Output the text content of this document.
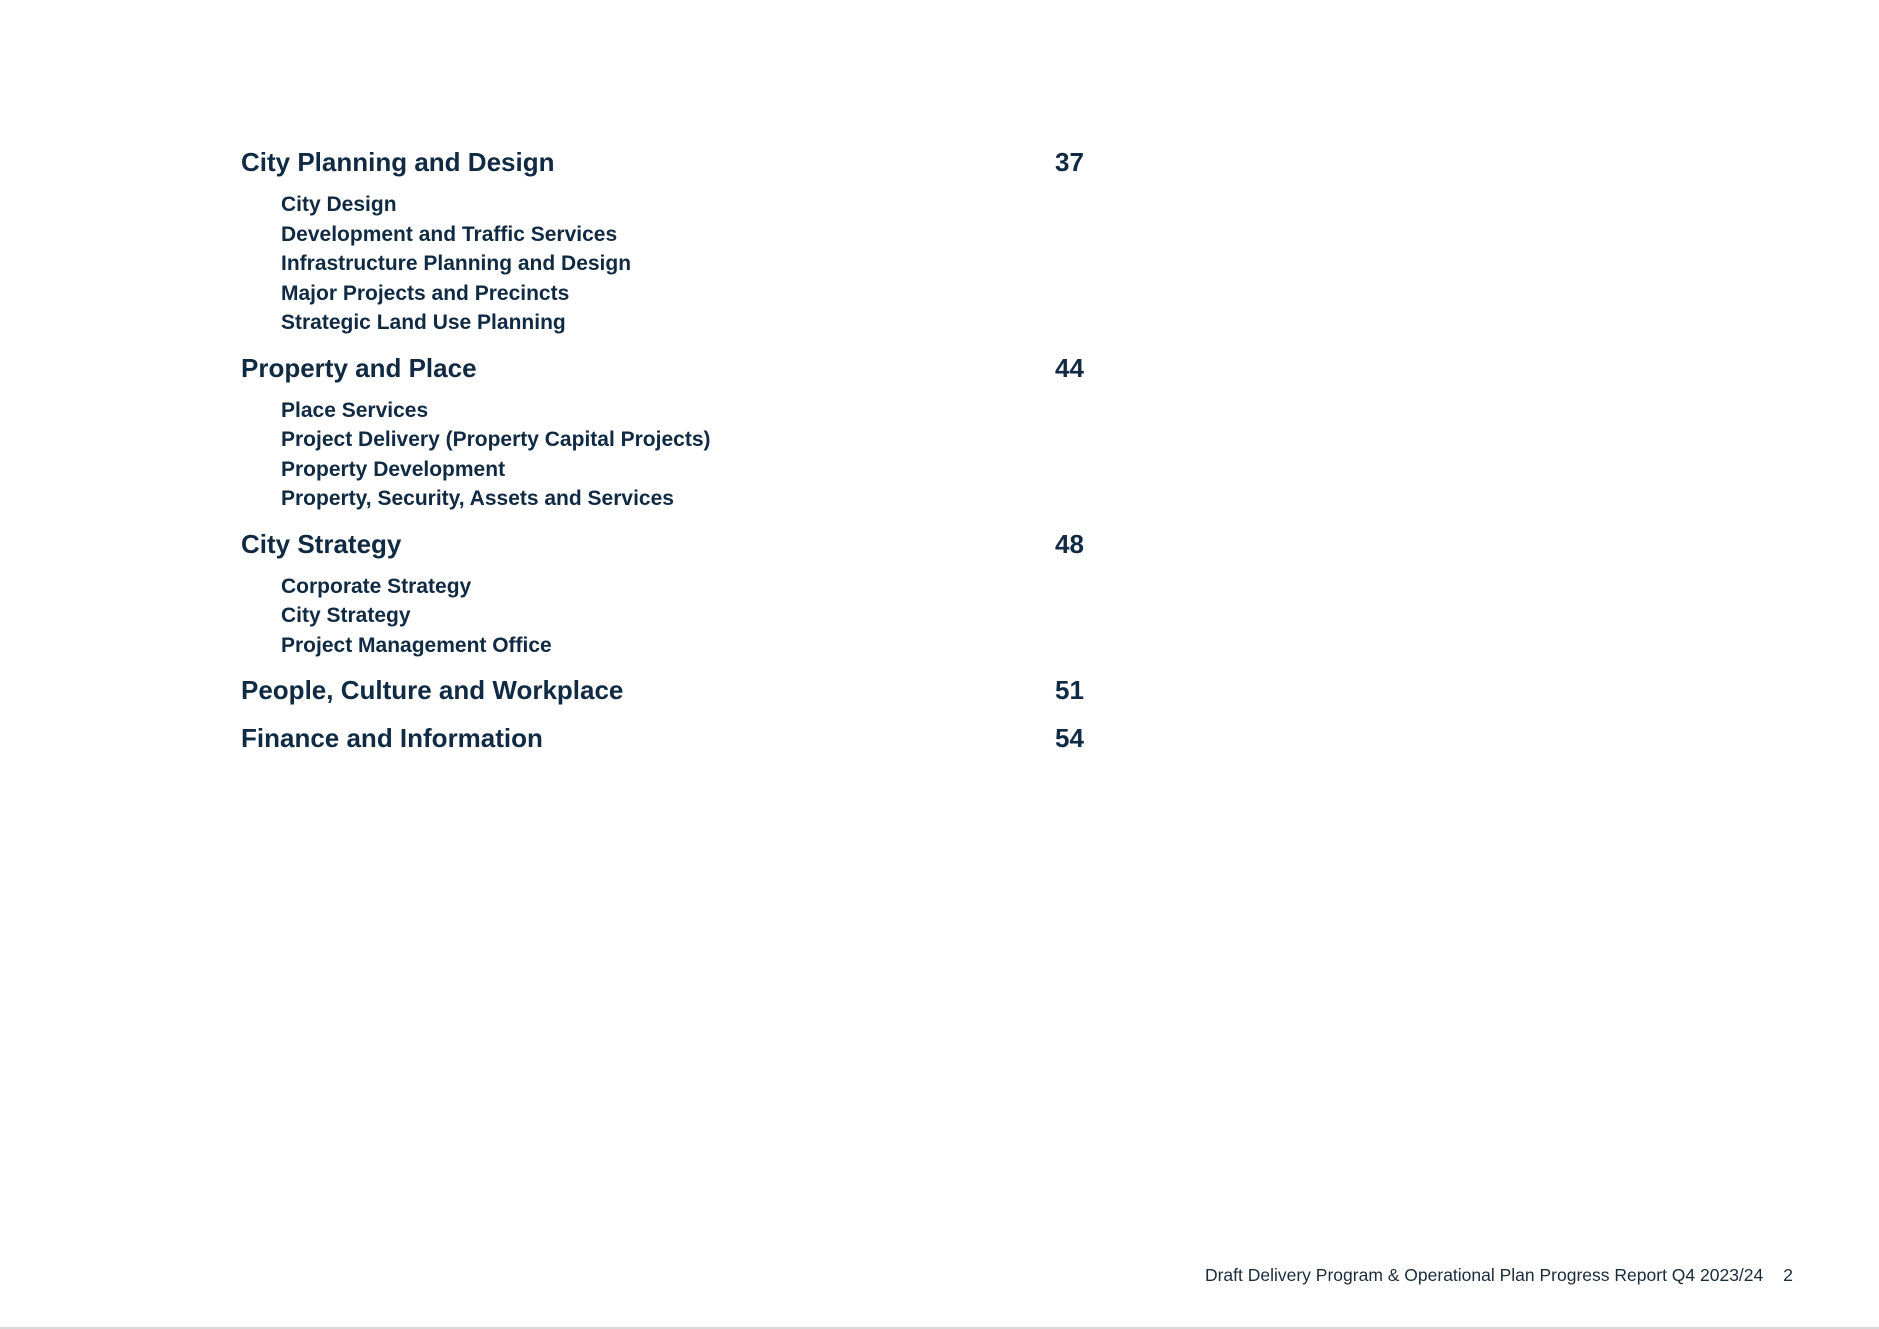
City Planning and Design	37
City Design
Development and Traffic Services
Infrastructure Planning and Design
Major Projects and Precincts
Strategic Land Use Planning
Property and Place	44
Place Services
Project Delivery (Property Capital Projects)
Property Development
Property, Security, Assets and Services
City Strategy	48
Corporate Strategy
City Strategy
Project Management Office
People, Culture and Workplace	51
Finance and Information	54
Draft Delivery Program & Operational Plan Progress Report Q4 2023/24 2
